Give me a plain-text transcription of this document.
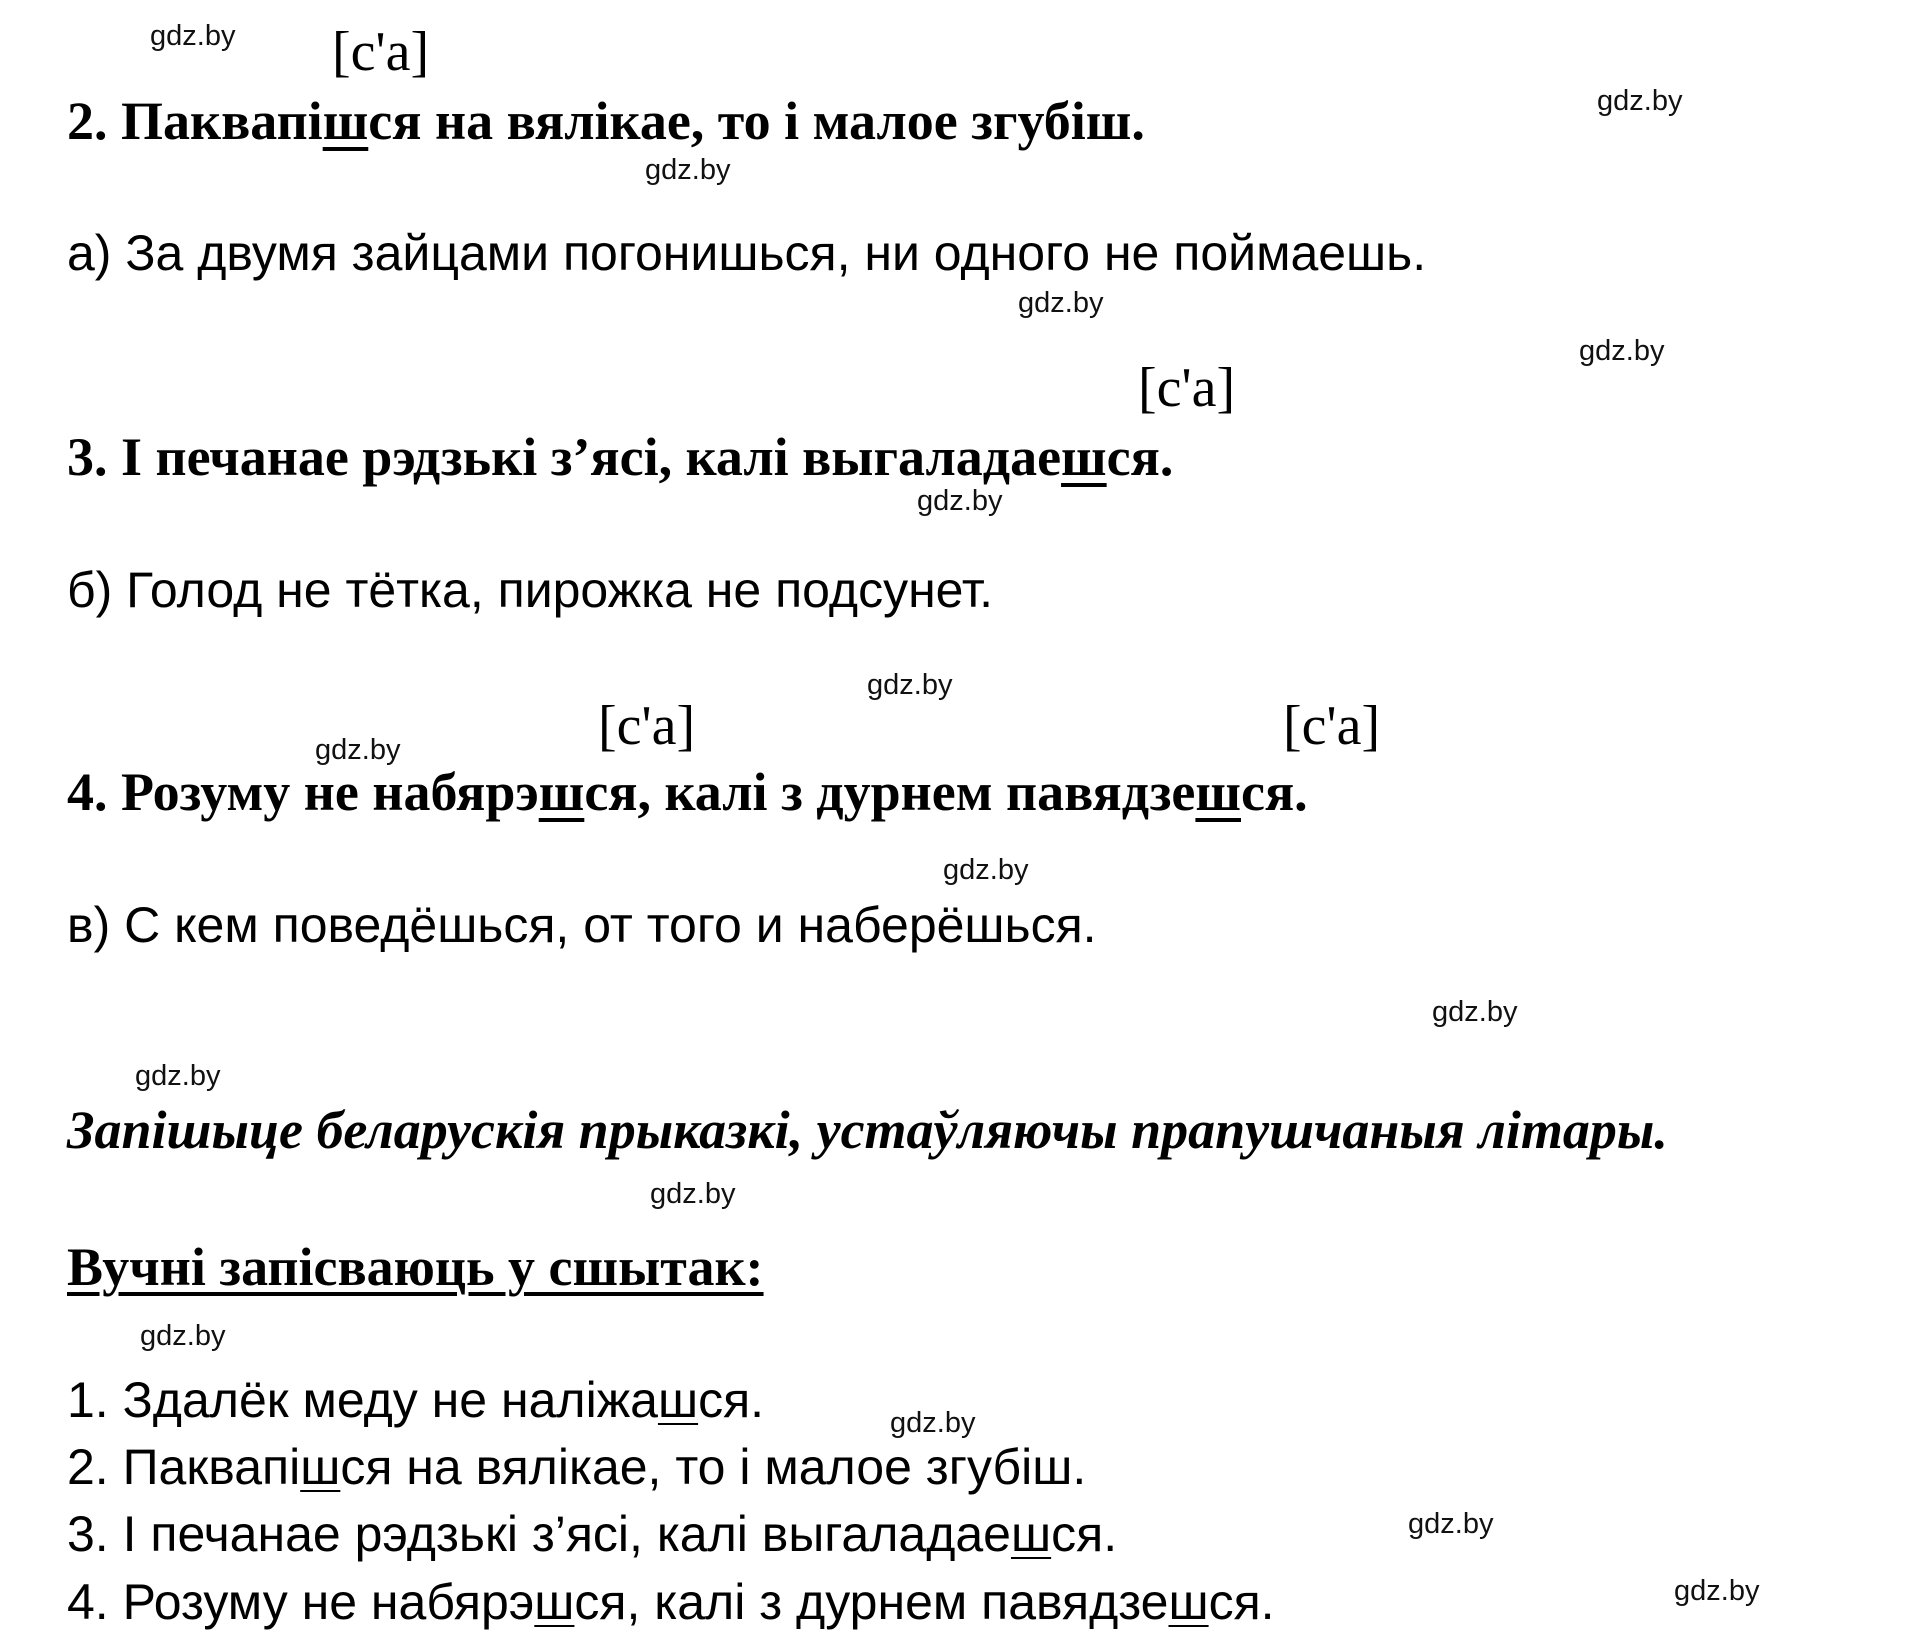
gdz.by
gdz.by
gdz.by
gdz.by
gdz.by
gdz.by
gdz.by
gdz.by
gdz.by
gdz.by
gdz.by
gdz.by
gdz.by
gdz.by
gdz.by
gdz.by
[с'а]
[с'а]
[с'а]	[с'а]
2. Паквапішся на вялікае, то і малое згубіш.
а) За двумя зайцами погонишься, ни одного не поймаешь.
3. І печанае рэдзькі з’ясі, калі выгаладаешся.
б) Голод не тётка, пирожка не подсунет.
4. Розуму не набярэшся, калі з дурнем павядзешся.
в) С кем поведёшься, от того и наберёшься.
Запішыце беларускія прыказкі, устаўляючы прапушчаныя літары.
Вучні запісваюць у сшытак:
1. Здалёк меду не наліжашся.
2. Паквапішся на вялікае, то і малое згубіш.
3. І печанае рэдзькі з’ясі, калі выгаладаешся.
4. Розуму не набярэшся, калі з дурнем павядзешся.
